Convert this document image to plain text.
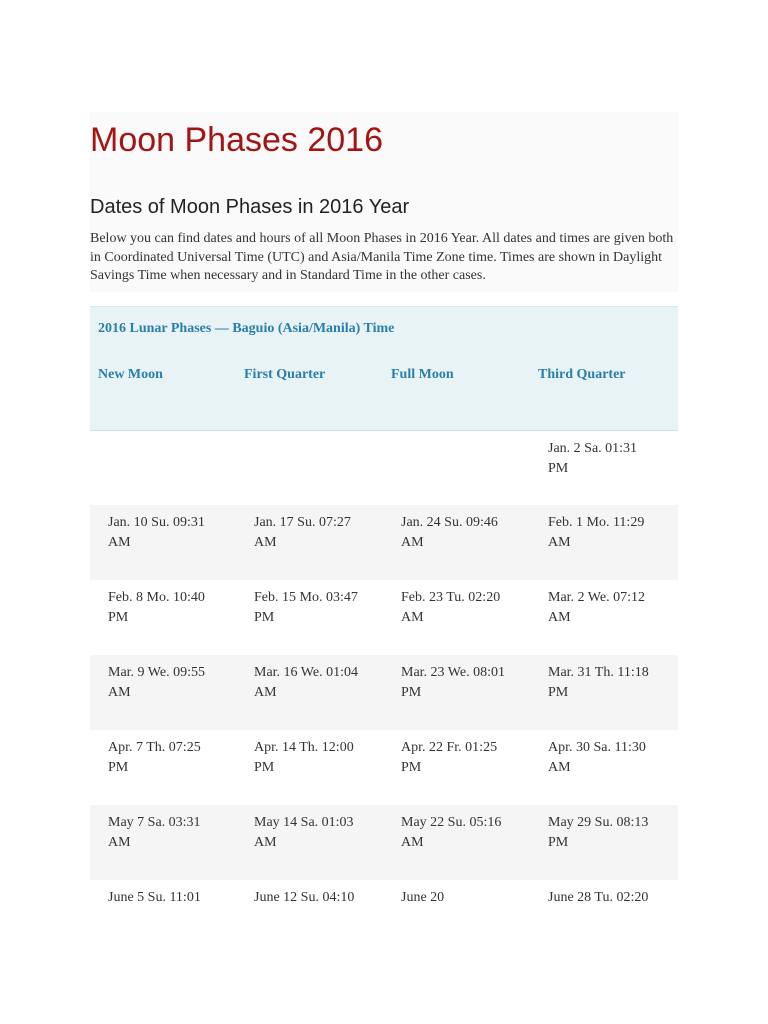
Moon Phases 2016
Dates of Moon Phases in 2016 Year

Below you can find dates and hours of all Moon Phases in 2016 Year. All dates and times are given both in Coordinated Universal Time (UTC) and Asia/Manila Time Zone time. Times are shown in Daylight Savings Time when necessary and in Standard Time in the other cases.

2016 Lunar Phases — Baguio (Asia/Manila) Time
New Moon	First Quarter	Full Moon	Third Quarter
			Jan. 2 Sa. 01:31 PM
Jan. 10 Su. 09:31 AM	Jan. 17 Su. 07:27 AM	Jan. 24 Su. 09:46 AM	Feb. 1 Mo. 11:29 AM
Feb. 8 Mo. 10:40 PM	Feb. 15 Mo. 03:47 PM	Feb. 23 Tu. 02:20 AM	Mar. 2 We. 07:12 AM
Mar. 9 We. 09:55 AM	Mar. 16 We. 01:04 AM	Mar. 23 We. 08:01 PM	Mar. 31 Th. 11:18 PM
Apr. 7 Th. 07:25 PM	Apr. 14 Th. 12:00 PM	Apr. 22 Fr. 01:25 PM	Apr. 30 Sa. 11:30 AM
May 7 Sa. 03:31 AM	May 14 Sa. 01:03 AM	May 22 Su. 05:16 AM	May 29 Su. 08:13 PM
June 5 Su. 11:01	June 12 Su. 04:10	June 20	June 28 Tu. 02:20
